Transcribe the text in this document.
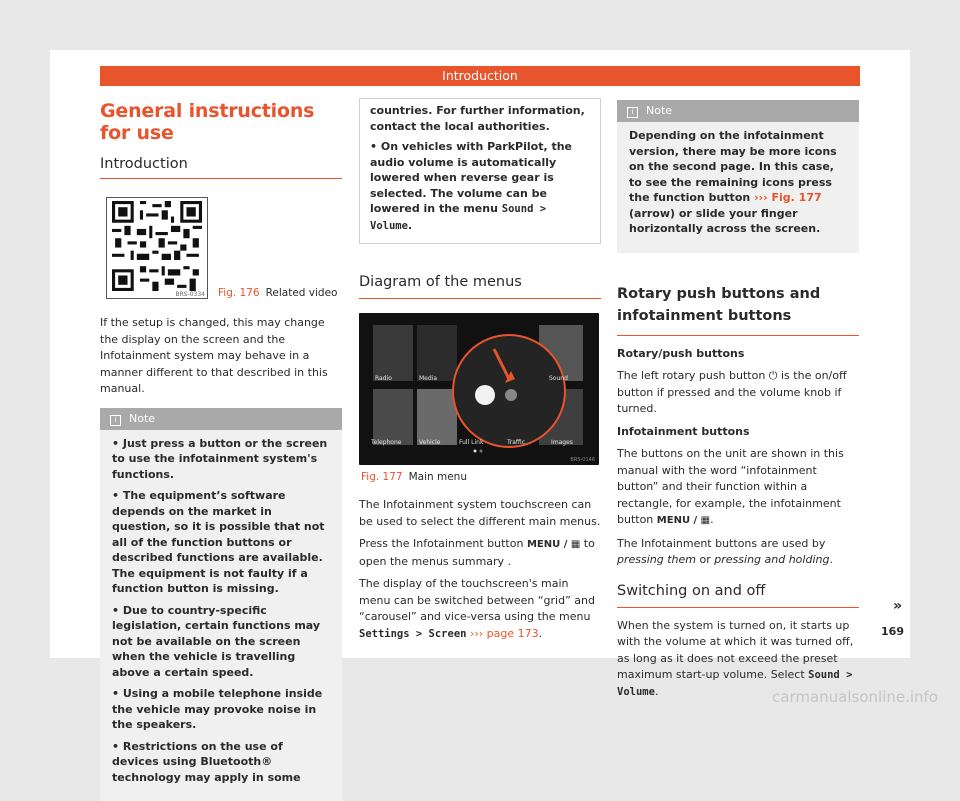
Introduction
General instructions for use
Introduction
BRS-0334 Fig. 176 Related video

If the setup is changed, this may change the display on the screen and the Infotainment system may behave in a manner different to that described in this manual.

i Note
• Just press a button or the screen to use the infotainment system's functions.
• The equipment’s software depends on the market in question, so it is possible that not all of the function buttons or described functions are available. The equipment is not faulty if a function button is missing.
• Due to country-specific legislation, certain functions may not be available on the screen when the vehicle is travelling above a certain speed.
• Using a mobile telephone inside the vehicle may provoke noise in the speakers.
• Restrictions on the use of devices using Bluetooth® technology may apply in some
countries. For further information, contact the local authorities.
• On vehicles with ParkPilot, the audio volume is automatically lowered when reverse gear is selected. The volume can be lowered in the menu Sound > Volume.
Diagram of the menus
Radio	Media	Sound
Telephone	Vehicle	Full Link	Traffic	Images
BRS-0146
Fig. 177 Main menu

The Infotainment system touchscreen can be used to select the different main menus.

Press the Infotainment button MENU / ▦ to open the menus summary .

The display of the touchscreen's main menu can be switched between “grid” and “carousel” and vice-versa using the menu Settings > Screen ››› page 173.

i Note
Depending on the infotainment version, there may be more icons on the second page. In this case, to see the remaining icons press the function button ››› Fig. 177 (arrow) or slide your finger horizontally across the screen.
Rotary push buttons and infotainment buttons

Rotary/push buttons

The left rotary push button ⏻ is the on/off button if pressed and the volume knob if turned.

Infotainment buttons

The buttons on the unit are shown in this manual with the word “infotainment button” and their function within a rectangle, for example, the infotainment button MENU / ▦.

The Infotainment buttons are used by pressing them or pressing and holding.

Switching on and off

When the system is turned on, it starts up with the volume at which it was turned off, as long as it does not exceed the preset maximum start-up volume. Select Sound > Volume.

»
169
carmanualsonline.info
